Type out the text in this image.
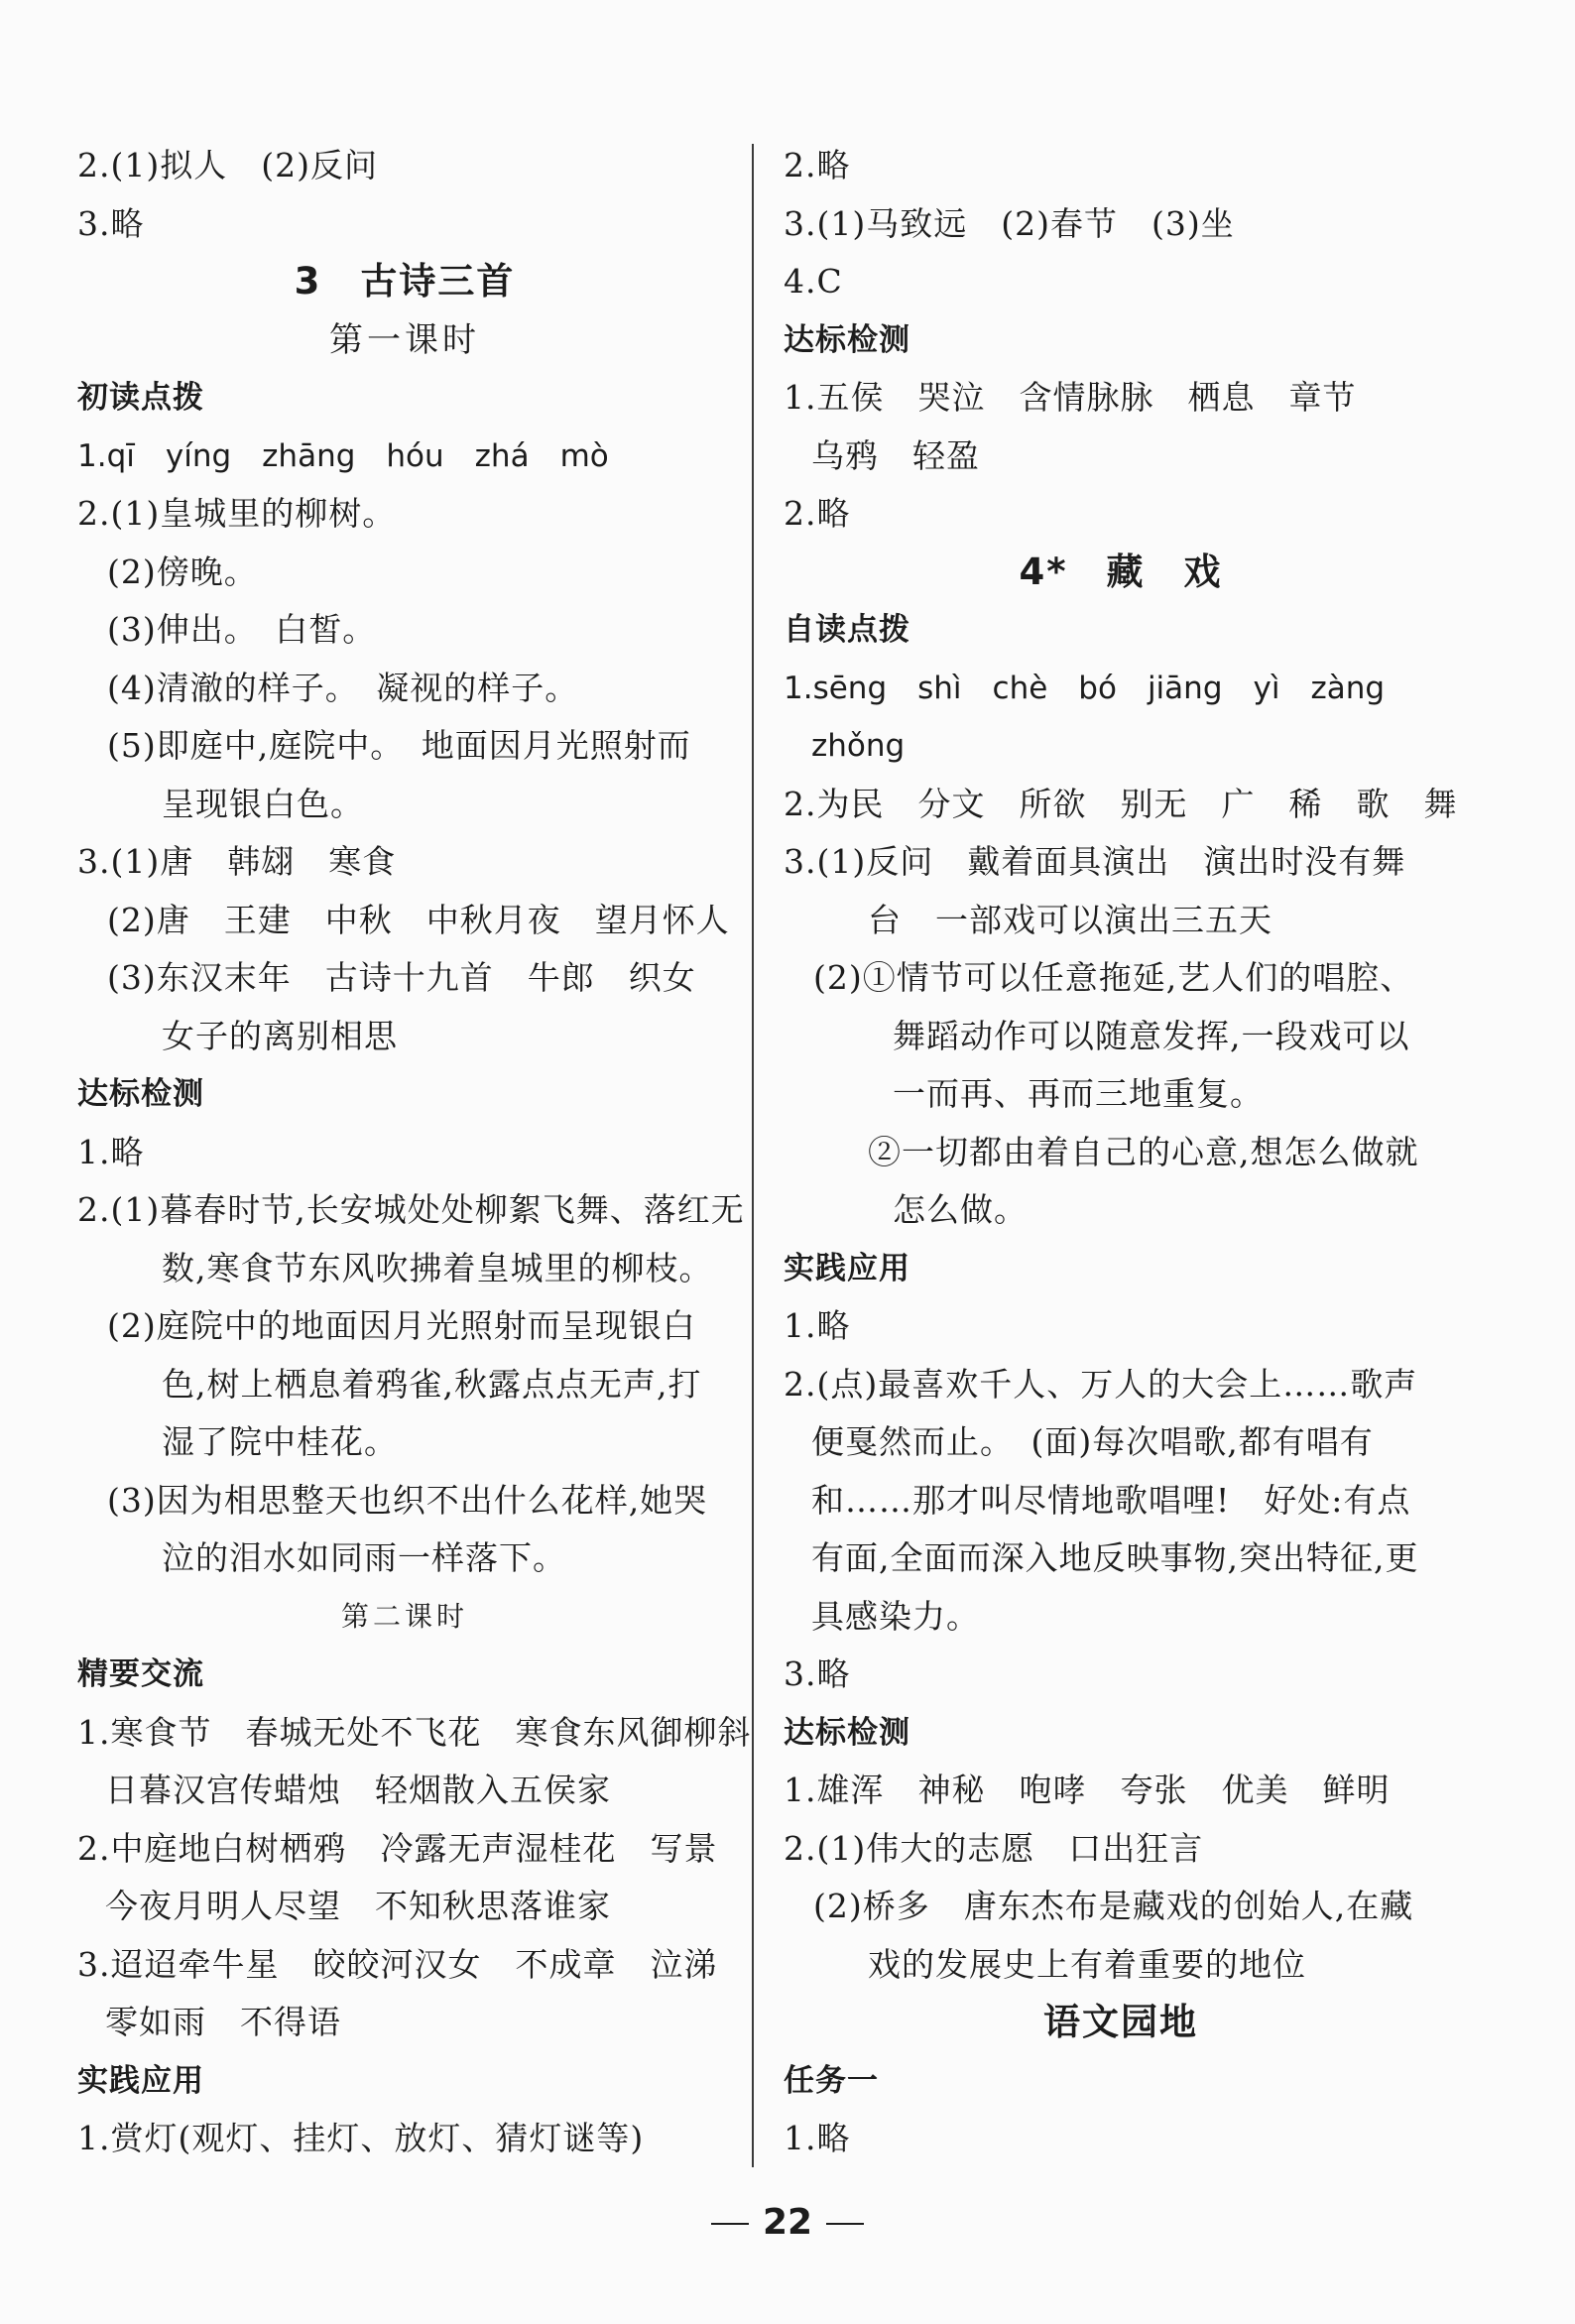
2.(1)拟人　(2)反问
3.略
3　古诗三首
第一课时
初读点拨
1.qī　yíng　zhāng　hóu　zhá　mò
2.(1)皇城里的柳树。
(2)傍晚。
(3)伸出。　白皙。
(4)清澈的样子。　凝视的样子。
(5)即庭中,庭院中。　地面因月光照射而
呈现银白色。
3.(1)唐　韩翃　寒食
(2)唐　王建　中秋　中秋月夜　望月怀人
(3)东汉末年　古诗十九首　牛郎　织女
女子的离别相思
达标检测
1.略
2.(1)暮春时节,长安城处处柳絮飞舞、落红无
数,寒食节东风吹拂着皇城里的柳枝。
(2)庭院中的地面因月光照射而呈现银白
色,树上栖息着鸦雀,秋露点点无声,打
湿了院中桂花。
(3)因为相思整天也织不出什么花样,她哭
泣的泪水如同雨一样落下。
第二课时
精要交流
1.寒食节　春城无处不飞花　寒食东风御柳斜
日暮汉宫传蜡烛　轻烟散入五侯家
2.中庭地白树栖鸦　冷露无声湿桂花　写景
今夜月明人尽望　不知秋思落谁家
3.迢迢牵牛星　皎皎河汉女　不成章　泣涕
零如雨　不得语
实践应用
1.赏灯(观灯、挂灯、放灯、猜灯谜等)
2.略
3.(1)马致远　(2)春节　(3)坐
4.C
达标检测
1.五侯　哭泣　含情脉脉　栖息　章节
乌鸦　轻盈
2.略
4*　藏　戏
自读点拨
1.sēng　shì　chè　bó　jiāng　yì　zàng
zhǒng
2.为民　分文　所欲　别无　广　稀　歌　舞
3.(1)反问　戴着面具演出　演出时没有舞
台　一部戏可以演出三五天
(2)①情节可以任意拖延,艺人们的唱腔、
舞蹈动作可以随意发挥,一段戏可以
一而再、再而三地重复。
②一切都由着自己的心意,想怎么做就
怎么做。
实践应用
1.略
2.(点)最喜欢千人、万人的大会上……歌声
便戛然而止。　(面)每次唱歌,都有唱有
和……那才叫尽情地歌唱哩!　好处:有点
有面,全面而深入地反映事物,突出特征,更
具感染力。
3.略
达标检测
1.雄浑　神秘　咆哮　夸张　优美　鲜明
2.(1)伟大的志愿　口出狂言
(2)桥多　唐东杰布是藏戏的创始人,在藏
戏的发展史上有着重要的地位
语文园地
任务一
1.略
22
